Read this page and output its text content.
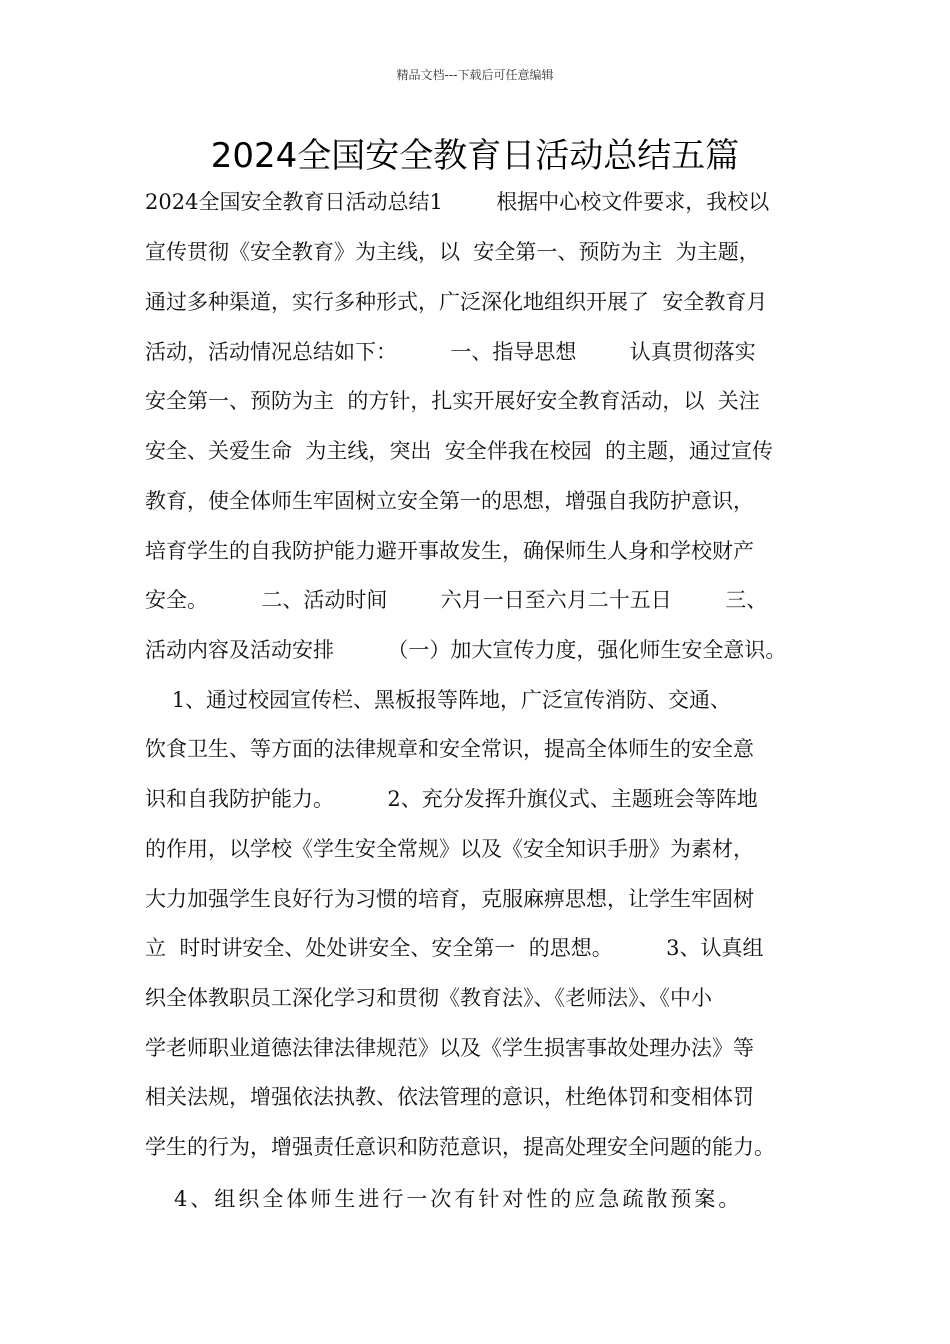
精品文档---下载后可任意编辑
2024全国安全教育日活动总结五篇
2024全国安全教育日活动总结1        根据中心校文件要求，我校以
宣传贯彻《安全教育》为主线，以  安全第一、预防为主  为主题，
通过多种渠道，实行多种形式，广泛深化地组织开展了  安全教育月
活动，活动情况总结如下：        一、指导思想        认真贯彻落实
安全第一、预防为主  的方针，扎实开展好安全教育活动，以  关注
安全、关爱生命  为主线，突出  安全伴我在校园  的主题，通过宣传
教育，使全体师生牢固树立安全第一的思想，增强自我防护意识，
培育学生的自我防护能力避开事故发生，确保师生人身和学校财产
安全。        二、活动时间        六月一日至六月二十五日        三、
活动内容及活动安排        （一）加大宣传力度，强化师生安全意识。
1、通过校园宣传栏、黑板报等阵地，广泛宣传消防、交通、
饮食卫生、等方面的法律规章和安全常识，提高全体师生的安全意
识和自我防护能力。        2、充分发挥升旗仪式、主题班会等阵地
的作用，以学校《学生安全常规》以及《安全知识手册》为素材，
大力加强学生良好行为习惯的培育，克服麻痹思想，让学生牢固树
立  时时讲安全、处处讲安全、安全第一  的思想。        3、认真组
织全体教职员工深化学习和贯彻《教育法》、《老师法》、《中小
学老师职业道德法律法律规范》以及《学生损害事故处理办法》等
相关法规，增强依法执教、依法管理的意识，杜绝体罚和变相体罚
学生的行为，增强责任意识和防范意识，提高处理安全问题的能力。
4、组织全体师生进行一次有针对性的应急疏散预案。
